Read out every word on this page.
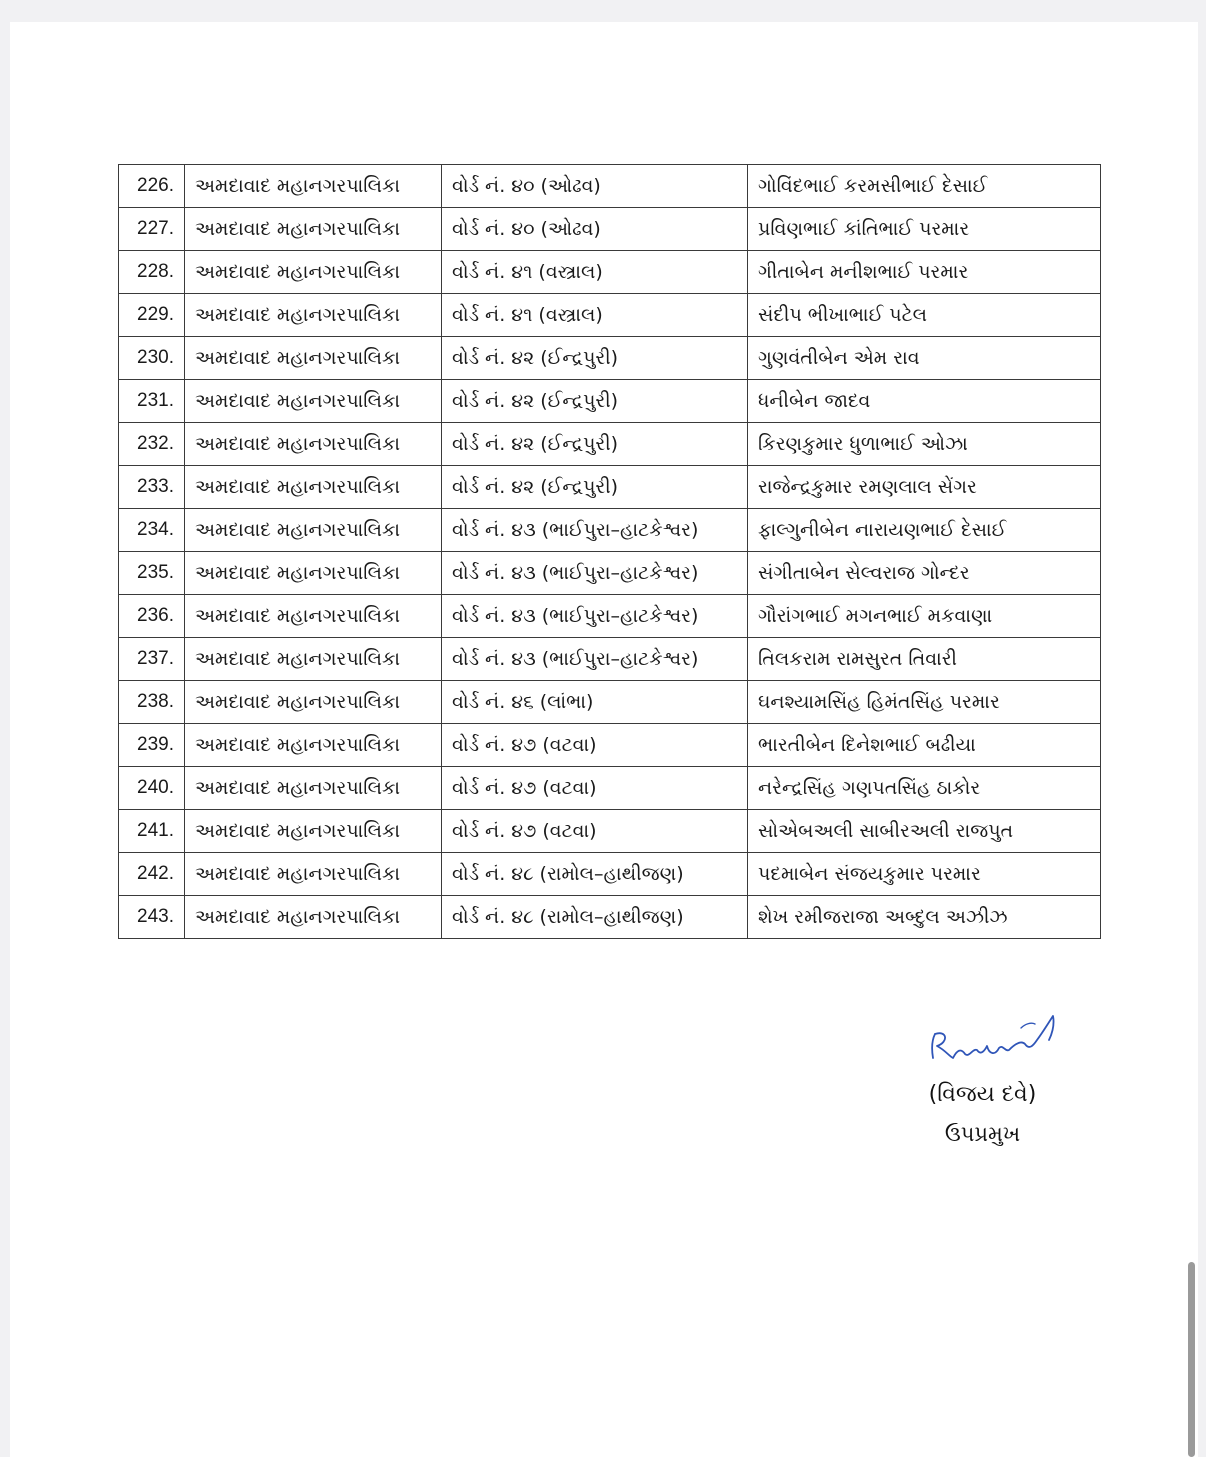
226.	અમદાવાદ મહાનગરપાલિકા	વોર્ડ નં. ૪૦ (ઓઢવ)	ગોવિંદભાઈ કરમસીભાઈ દેસાઈ
227.	અમદાવાદ મહાનગરપાલિકા	વોર્ડ નં. ૪૦ (ઓઢવ)	પ્રવિણભાઈ કાંતિભાઈ પરમાર
228.	અમદાવાદ મહાનગરપાલિકા	વોર્ડ નં. ૪૧ (વસ્ત્રાલ)	ગીતાબેન મનીશભાઈ પરમાર
229.	અમદાવાદ મહાનગરપાલિકા	વોર્ડ નં. ૪૧ (વસ્ત્રાલ)	સંદીપ ભીખાભાઈ પટેલ
230.	અમદાવાદ મહાનગરપાલિકા	વોર્ડ નં. ૪૨ (ઈન્દ્રપુરી)	ગુણવંતીબેન એમ રાવ
231.	અમદાવાદ મહાનગરપાલિકા	વોર્ડ નં. ૪૨ (ઈન્દ્રપુરી)	ધનીબેન જાદવ
232.	અમદાવાદ મહાનગરપાલિકા	વોર્ડ નં. ૪૨ (ઈન્દ્રપુરી)	કિરણકુમાર ધુળાભાઈ ઓઝા
233.	અમદાવાદ મહાનગરપાલિકા	વોર્ડ નં. ૪૨ (ઈન્દ્રપુરી)	રાજેન્દ્રકુમાર રમણલાલ સેંગર
234.	અમદાવાદ મહાનગરપાલિકા	વોર્ડ નં. ૪૩ (ભાઈપુરા–હાટકેશ્વર)	ફાલ્ગુનીબેન નારાયણભાઈ દેસાઈ
235.	અમદાવાદ મહાનગરપાલિકા	વોર્ડ નં. ૪૩ (ભાઈપુરા–હાટકેશ્વર)	સંગીતાબેન સેલ્વરાજ ગોન્દર
236.	અમદાવાદ મહાનગરપાલિકા	વોર્ડ નં. ૪૩ (ભાઈપુરા–હાટકેશ્વર)	ગૌરાંગભાઈ મગનભાઈ મકવાણા
237.	અમદાવાદ મહાનગરપાલિકા	વોર્ડ નં. ૪૩ (ભાઈપુરા–હાટકેશ્વર)	તિલકરામ રામસુરત તિવારી
238.	અમદાવાદ મહાનગરપાલિકા	વોર્ડ નં. ૪૬ (લાંભા)	ઘનશ્યામસિંહ હિમંતસિંહ પરમાર
239.	અમદાવાદ મહાનગરપાલિકા	વોર્ડ નં. ૪૭ (વટવા)	ભારતીબેન દિનેશભાઈ બઢીયા
240.	અમદાવાદ મહાનગરપાલિકા	વોર્ડ નં. ૪૭ (વટવા)	નરેન્દ્રસિંહ ગણપતસિંહ ઠાકોર
241.	અમદાવાદ મહાનગરપાલિકા	વોર્ડ નં. ૪૭ (વટવા)	સોએબઅલી સાબીરઅલી રાજપુત
242.	અમદાવાદ મહાનગરપાલિકા	વોર્ડ નં. ૪૮ (રામોલ–હાથીજણ)	પદમાબેન સંજયકુમાર પરમાર
243.	અમદાવાદ મહાનગરપાલિકા	વોર્ડ નં. ૪૮ (રામોલ–હાથીજણ)	શેખ રમીજરાજા અબ્દુલ અઝીઝ
(વિજય દવે)
ઉપપ્રમુખ
